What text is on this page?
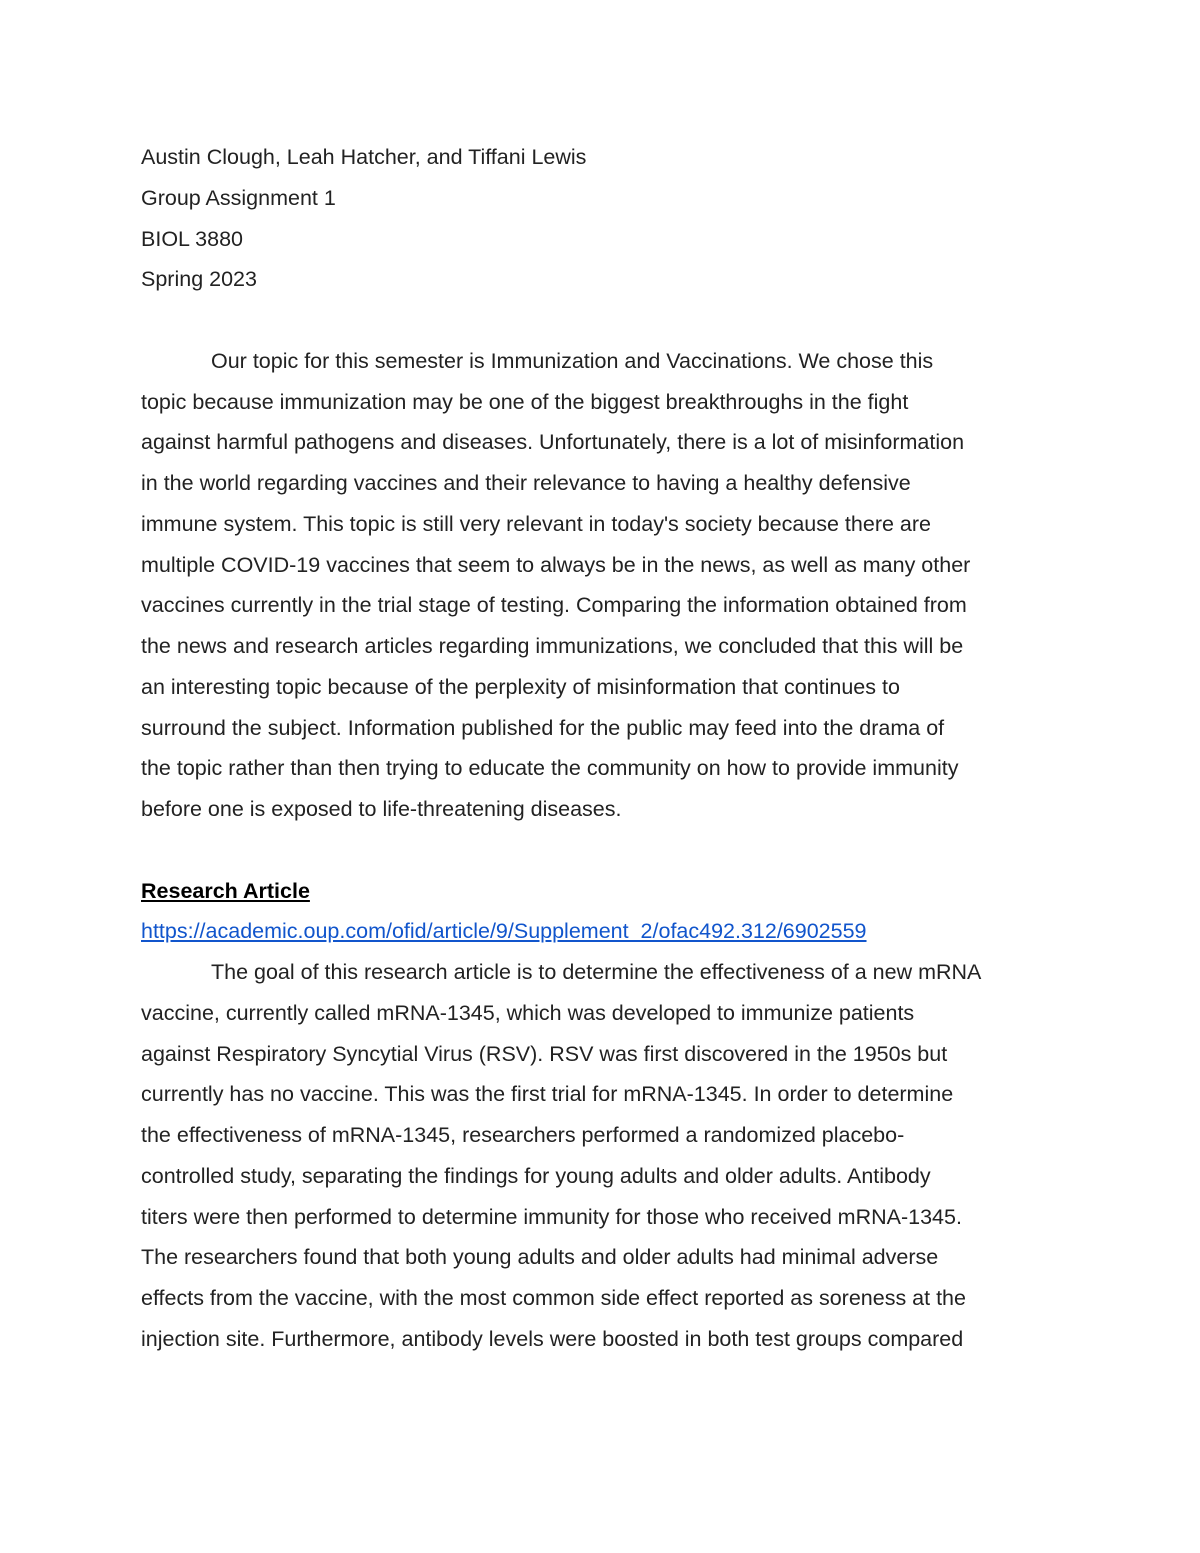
Austin Clough, Leah Hatcher, and Tiffani Lewis
Group Assignment 1
BIOL 3880
Spring 2023
Our topic for this semester is Immunization and Vaccinations. We chose this
topic because immunization may be one of the biggest breakthroughs in the fight
against harmful pathogens and diseases. Unfortunately, there is a lot of misinformation
in the world regarding vaccines and their relevance to having a healthy defensive
immune system. This topic is still very relevant in today's society because there are
multiple COVID-19 vaccines that seem to always be in the news, as well as many other
vaccines currently in the trial stage of testing. Comparing the information obtained from
the news and research articles regarding immunizations, we concluded that this will be
an interesting topic because of the perplexity of misinformation that continues to
surround the subject. Information published for the public may feed into the drama of
the topic rather than then trying to educate the community on how to provide immunity
before one is exposed to life-threatening diseases.
Research Article
https://academic.oup.com/ofid/article/9/Supplement_2/ofac492.312/6902559
The goal of this research article is to determine the effectiveness of a new mRNA
vaccine, currently called mRNA-1345, which was developed to immunize patients
against Respiratory Syncytial Virus (RSV). RSV was first discovered in the 1950s but
currently has no vaccine. This was the first trial for mRNA-1345. In order to determine
the effectiveness of mRNA-1345, researchers performed a randomized placebo-
controlled study, separating the findings for young adults and older adults. Antibody
titers were then performed to determine immunity for those who received mRNA-1345.
The researchers found that both young adults and older adults had minimal adverse
effects from the vaccine, with the most common side effect reported as soreness at the
injection site. Furthermore, antibody levels were boosted in both test groups compared
